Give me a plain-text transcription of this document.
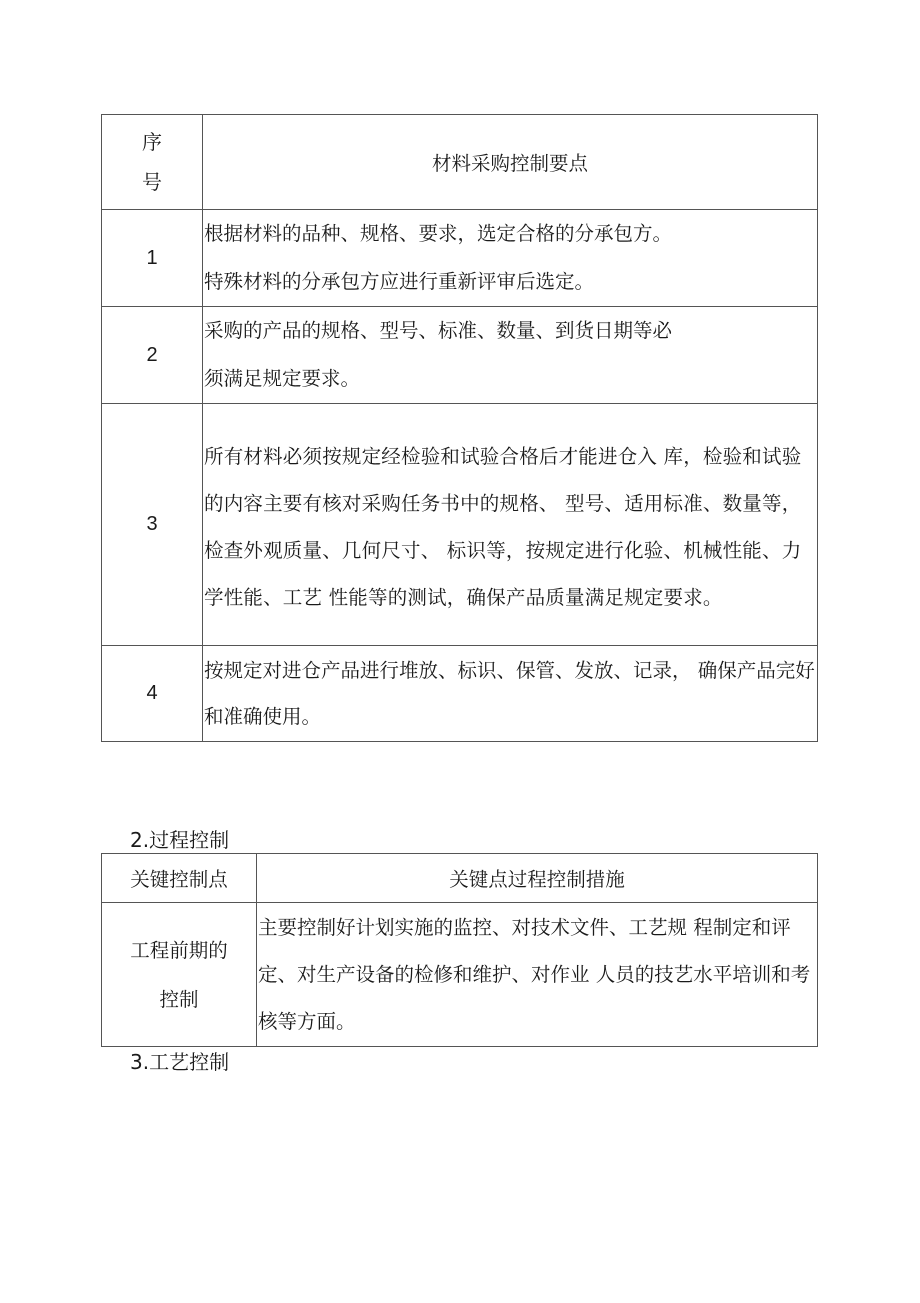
序
号	材料采购控制要点
1	根据材料的品种、规格、要求，选定合格的分承包方。
特殊材料的分承包方应进行重新评审后选定。

2	采购的产品的规格、型号、标准、数量、到货日期等必
须满足规定要求。

3	所有材料必须按规定经检验和试验合格后才能进仓入 库，检验和试验的内容主要有核对采购任务书中的规格、 型号、适用标准、数量等，检查外观质量、几何尺寸、 标识等，按规定进行化验、机械性能、力学性能、工艺 性能等的测试，确保产品质量满足规定要求。

4	按规定对进仓产品进行堆放、标识、保管、发放、记录， 确保产品完好和准确使用。
2.过程控制
关键控制点	关键点过程控制措施

工程前期的
控制	主要控制好计划实施的监控、对技术文件、工艺规 程制定和评定、对生产设备的检修和维护、对作业 人员的技艺水平培训和考核等方面。
3.工艺控制
